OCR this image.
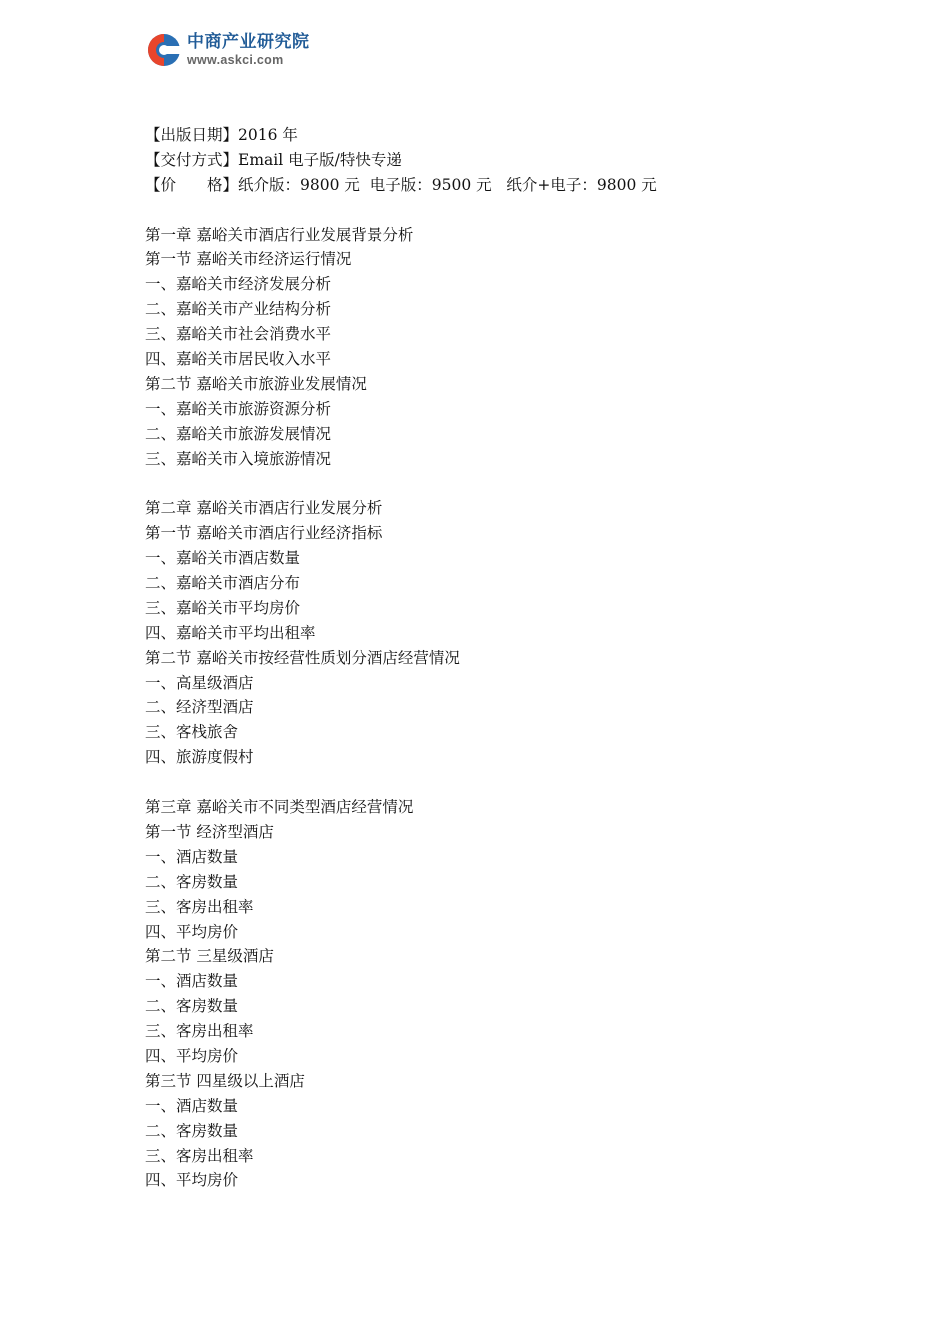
中商产业研究院
www.askci.com
【出版日期】2016 年
【交付方式】Email 电子版/特快专递
【价　　格】纸介版：9800 元  电子版：9500 元   纸介+电子：9800 元
第一章 嘉峪关市酒店行业发展背景分析
第一节 嘉峪关市经济运行情况
一、嘉峪关市经济发展分析
二、嘉峪关市产业结构分析
三、嘉峪关市社会消费水平
四、嘉峪关市居民收入水平
第二节 嘉峪关市旅游业发展情况
一、嘉峪关市旅游资源分析
二、嘉峪关市旅游发展情况
三、嘉峪关市入境旅游情况
第二章 嘉峪关市酒店行业发展分析
第一节 嘉峪关市酒店行业经济指标
一、嘉峪关市酒店数量
二、嘉峪关市酒店分布
三、嘉峪关市平均房价
四、嘉峪关市平均出租率
第二节 嘉峪关市按经营性质划分酒店经营情况
一、高星级酒店
二、经济型酒店
三、客栈旅舍
四、旅游度假村
第三章 嘉峪关市不同类型酒店经营情况
第一节 经济型酒店
一、酒店数量
二、客房数量
三、客房出租率
四、平均房价
第二节 三星级酒店
一、酒店数量
二、客房数量
三、客房出租率
四、平均房价
第三节 四星级以上酒店
一、酒店数量
二、客房数量
三、客房出租率
四、平均房价
